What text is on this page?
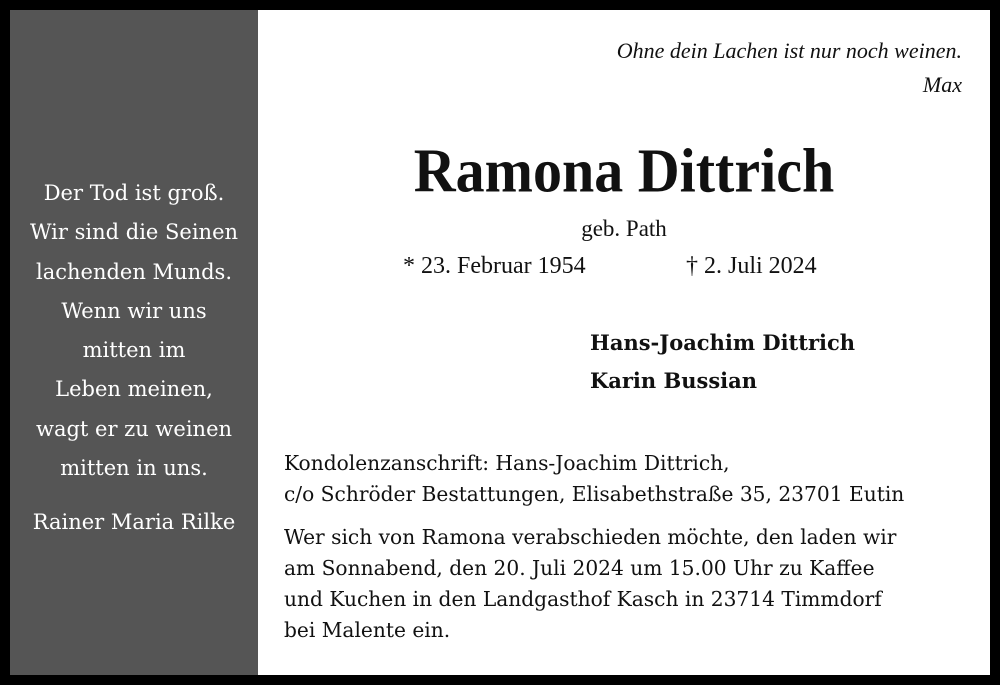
Der Tod ist groß.
Wir sind die Seinen
lachenden Munds.
Wenn wir uns
mitten im
Leben meinen,
wagt er zu weinen
mitten in uns.
Rainer Maria Rilke
Ohne dein Lachen ist nur noch weinen.
Max
Ramona Dittrich
geb. Path
* 23. Februar 1954	† 2. Juli 2024
Hans-Joachim Dittrich
Karin Bussian
Kondolenzanschrift: Hans-Joachim Dittrich,
c/o Schröder Bestattungen, Elisabethstraße 35, 23701 Eutin
Wer sich von Ramona verabschieden möchte, den laden wir
am Sonnabend, den 20. Juli 2024 um 15.00 Uhr zu Kaffee
und Kuchen in den Landgasthof Kasch in 23714 Timmdorf
bei Malente ein.
